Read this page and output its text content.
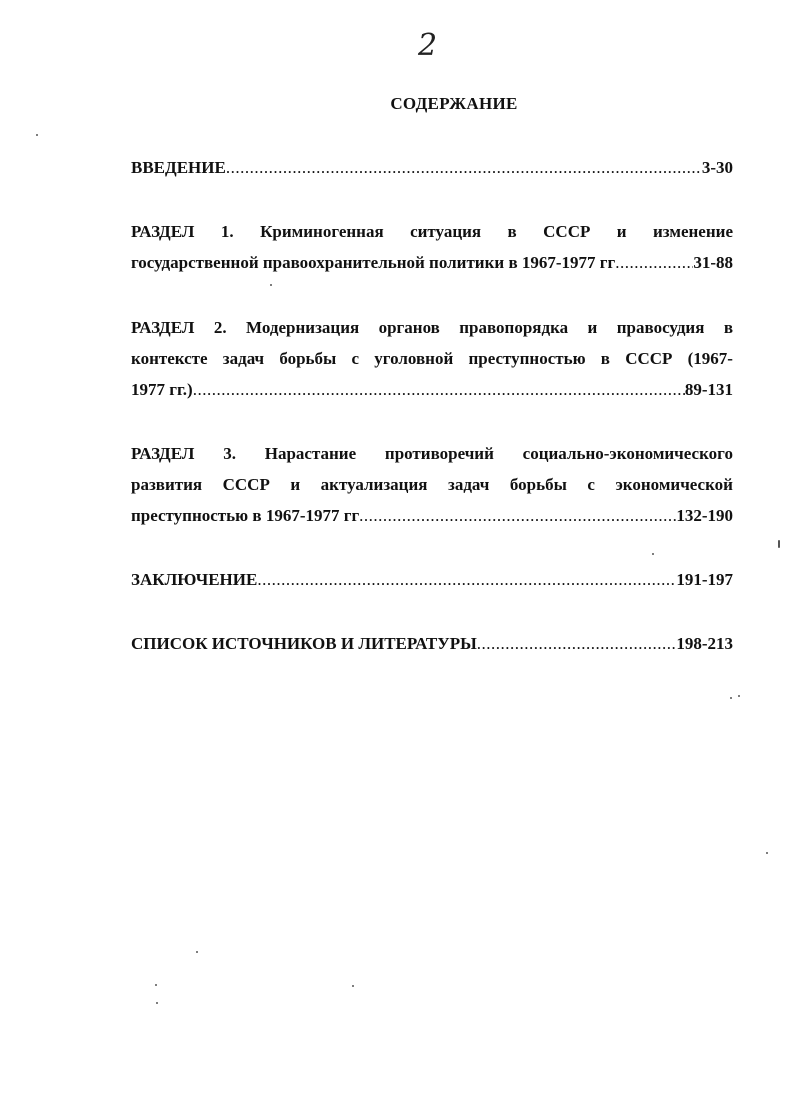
2
СОДЕРЖАНИЕ
ВВЕДЕНИЕ .....	3-30
РАЗДЕЛ 1. Криминогенная ситуация в СССР и изменение
государственной правоохранительной политики в 1967-1977 гг .....	31-88
РАЗДЕЛ 2. Модернизация органов правопорядка и правосудия в
контексте задач борьбы с уголовной преступностью в СССР (1967-
1977 гг.) .....	89-131
РАЗДЕЛ 3. Нарастание противоречий социально-экономического
развития СССР и актуализация задач борьбы с экономической
преступностью в 1967-1977 гг .....	132-190
ЗАКЛЮЧЕНИЕ .....	191-197
СПИСОК ИСТОЧНИКОВ И ЛИТЕРАТУРЫ .....	198-213
